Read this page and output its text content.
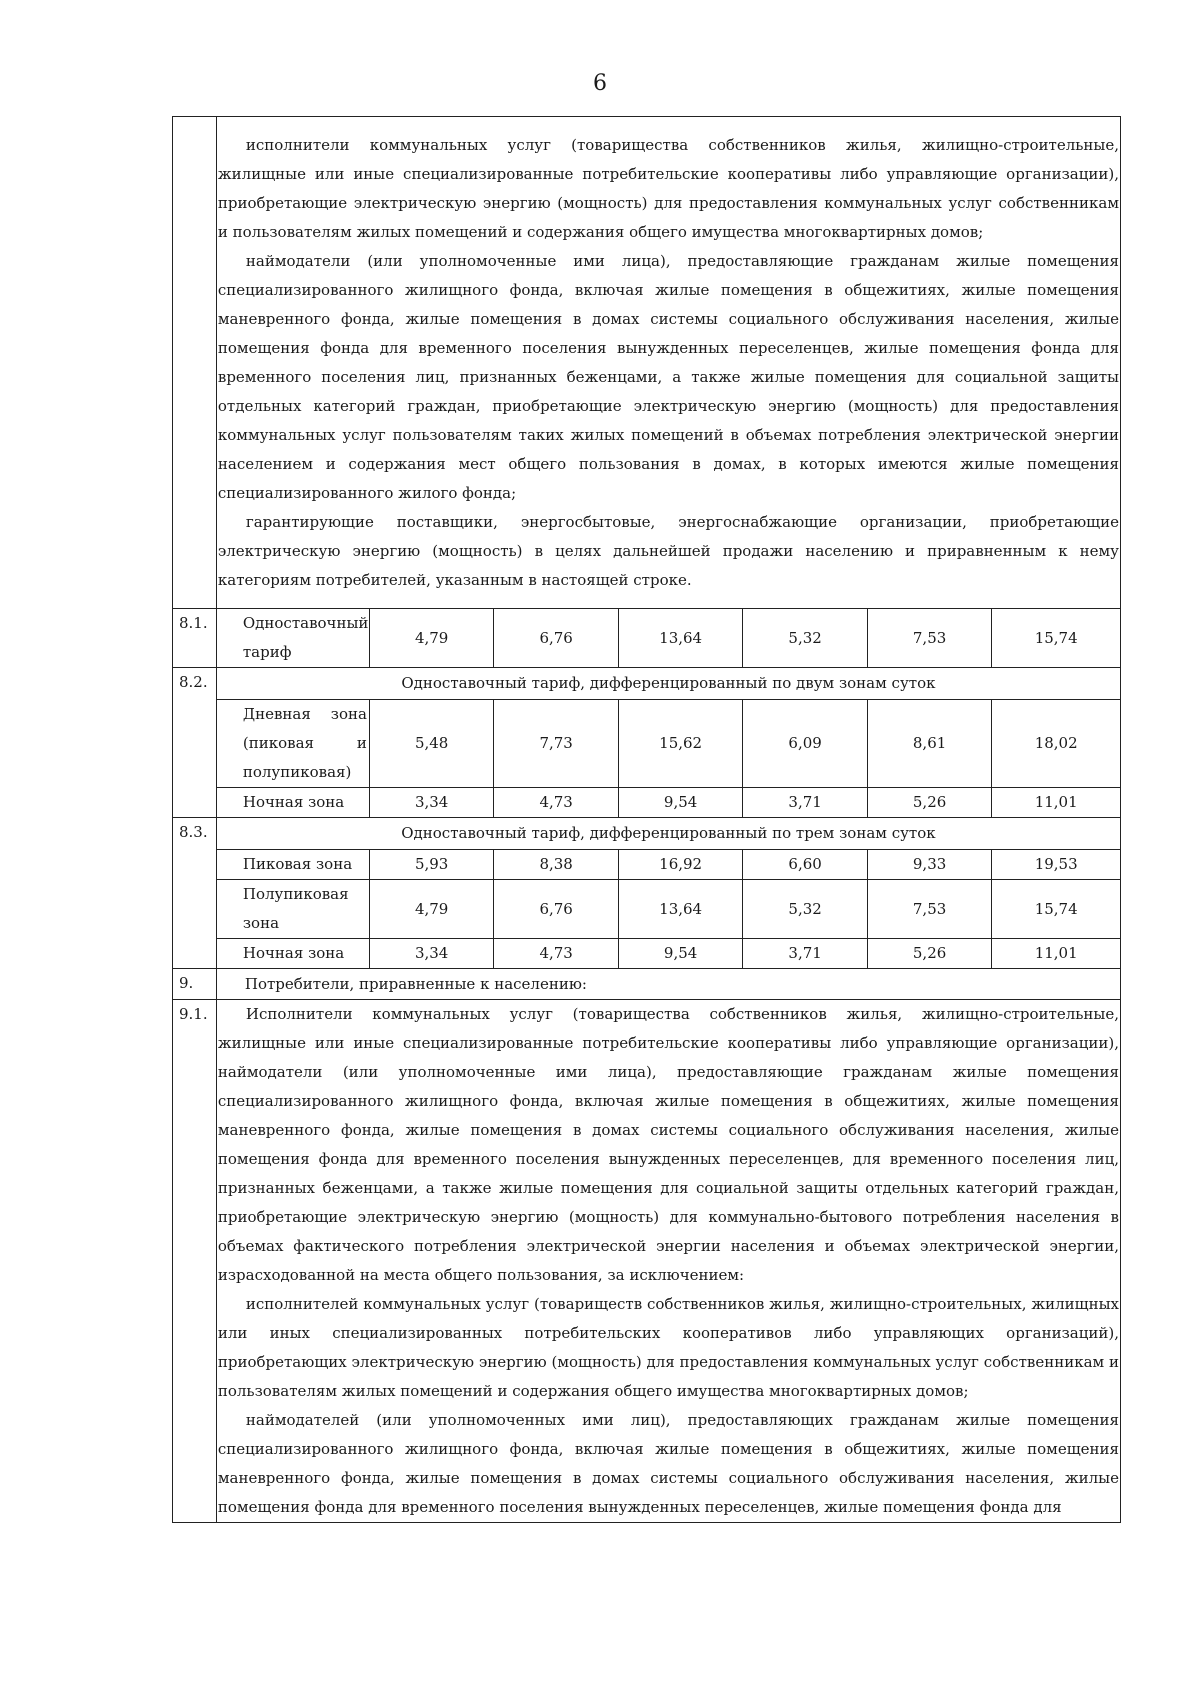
6

	исполнители коммунальных услуг (товарищества собственников жилья, жилищно-строительные, жилищные или иные специализированные потребительские кооперативы либо управляющие организации), приобретающие электрическую энергию (мощность) для предоставления коммунальных услуг собственникам и пользователям жилых помещений и содержания общего имущества многоквартирных домов;

наймодатели (или уполномоченные ими лица), предоставляющие гражданам жилые помещения специализированного жилищного фонда, включая жилые помещения в общежитиях, жилые помещения маневренного фонда, жилые помещения в домах системы социального обслуживания населения, жилые помещения фонда для временного поселения вынужденных переселенцев, жилые помещения фонда для временного поселения лиц, признанных беженцами, а также жилые помещения для социальной защиты отдельных категорий граждан, приобретающие электрическую энергию (мощность) для предоставления коммунальных услуг пользователям таких жилых помещений в объемах потребления электрической энергии населением и содержания мест общего пользования в домах, в которых имеются жилые помещения специализированного жилого фонда;

гарантирующие поставщики, энергосбытовые, энергоснабжающие организации, приобретающие электрическую энергию (мощность) в целях дальнейшей продажи населению и приравненным к нему категориям потребителей, указанным в настоящей строке.						

8.1.	Одноставочный тариф	4,79	6,76	13,64	5,32	7,53	15,74
8.2.	Одноставочный тариф, дифференцированный по двум зонам суток						

	Дневная зона
(пиковая и
полупиковая)	5,48	7,73	15,62	6,09	8,61	18,02
	Ночная зона	3,34	4,73	9,54	3,71	5,26	11,01
8.3.	Одноставочный тариф, дифференцированный по трем зонам суток						
	Пиковая зона	5,93	8,38	16,92	6,60	9,33	19,53
	Полупиковая зона	4,79	6,76	13,64	5,32	7,53	15,74
	Ночная зона	3,34	4,73	9,54	3,71	5,26	11,01
9.	Потребители, приравненные к населению:						
9.1.	Исполнители коммунальных услуг (товарищества собственников жилья, жилищно-строительные, жилищные или иные специализированные потребительские кооперативы либо управляющие организации), наймодатели (или уполномоченные ими лица), предоставляющие гражданам жилые помещения специализированного жилищного фонда, включая жилые помещения в общежитиях, жилые помещения маневренного фонда, жилые помещения в домах системы социального обслуживания населения, жилые помещения фонда для временного поселения вынужденных переселенцев, для временного поселения лиц, признанных беженцами, а также жилые помещения для социальной защиты отдельных категорий граждан, приобретающие электрическую энергию (мощность) для коммунально-бытового потребления населения в объемах фактического потребления электрической энергии населения и объемах электрической энергии, израсходованной на места общего пользования, за исключением:

исполнителей коммунальных услуг (товариществ собственников жилья, жилищно-строительных, жилищных или иных специализированных потребительских кооперативов либо управляющих организаций), приобретающих электрическую энергию (мощность) для предоставления коммунальных услуг собственникам и пользователям жилых помещений и содержания общего имущества многоквартирных домов;

наймодателей (или уполномоченных ими лиц), предоставляющих гражданам жилые помещения специализированного жилищного фонда, включая жилые помещения в общежитиях, жилые помещения маневренного фонда, жилые помещения в домах системы социального обслуживания населения, жилые помещения фонда для временного поселения вынужденных переселенцев, жилые помещения фонда для						
